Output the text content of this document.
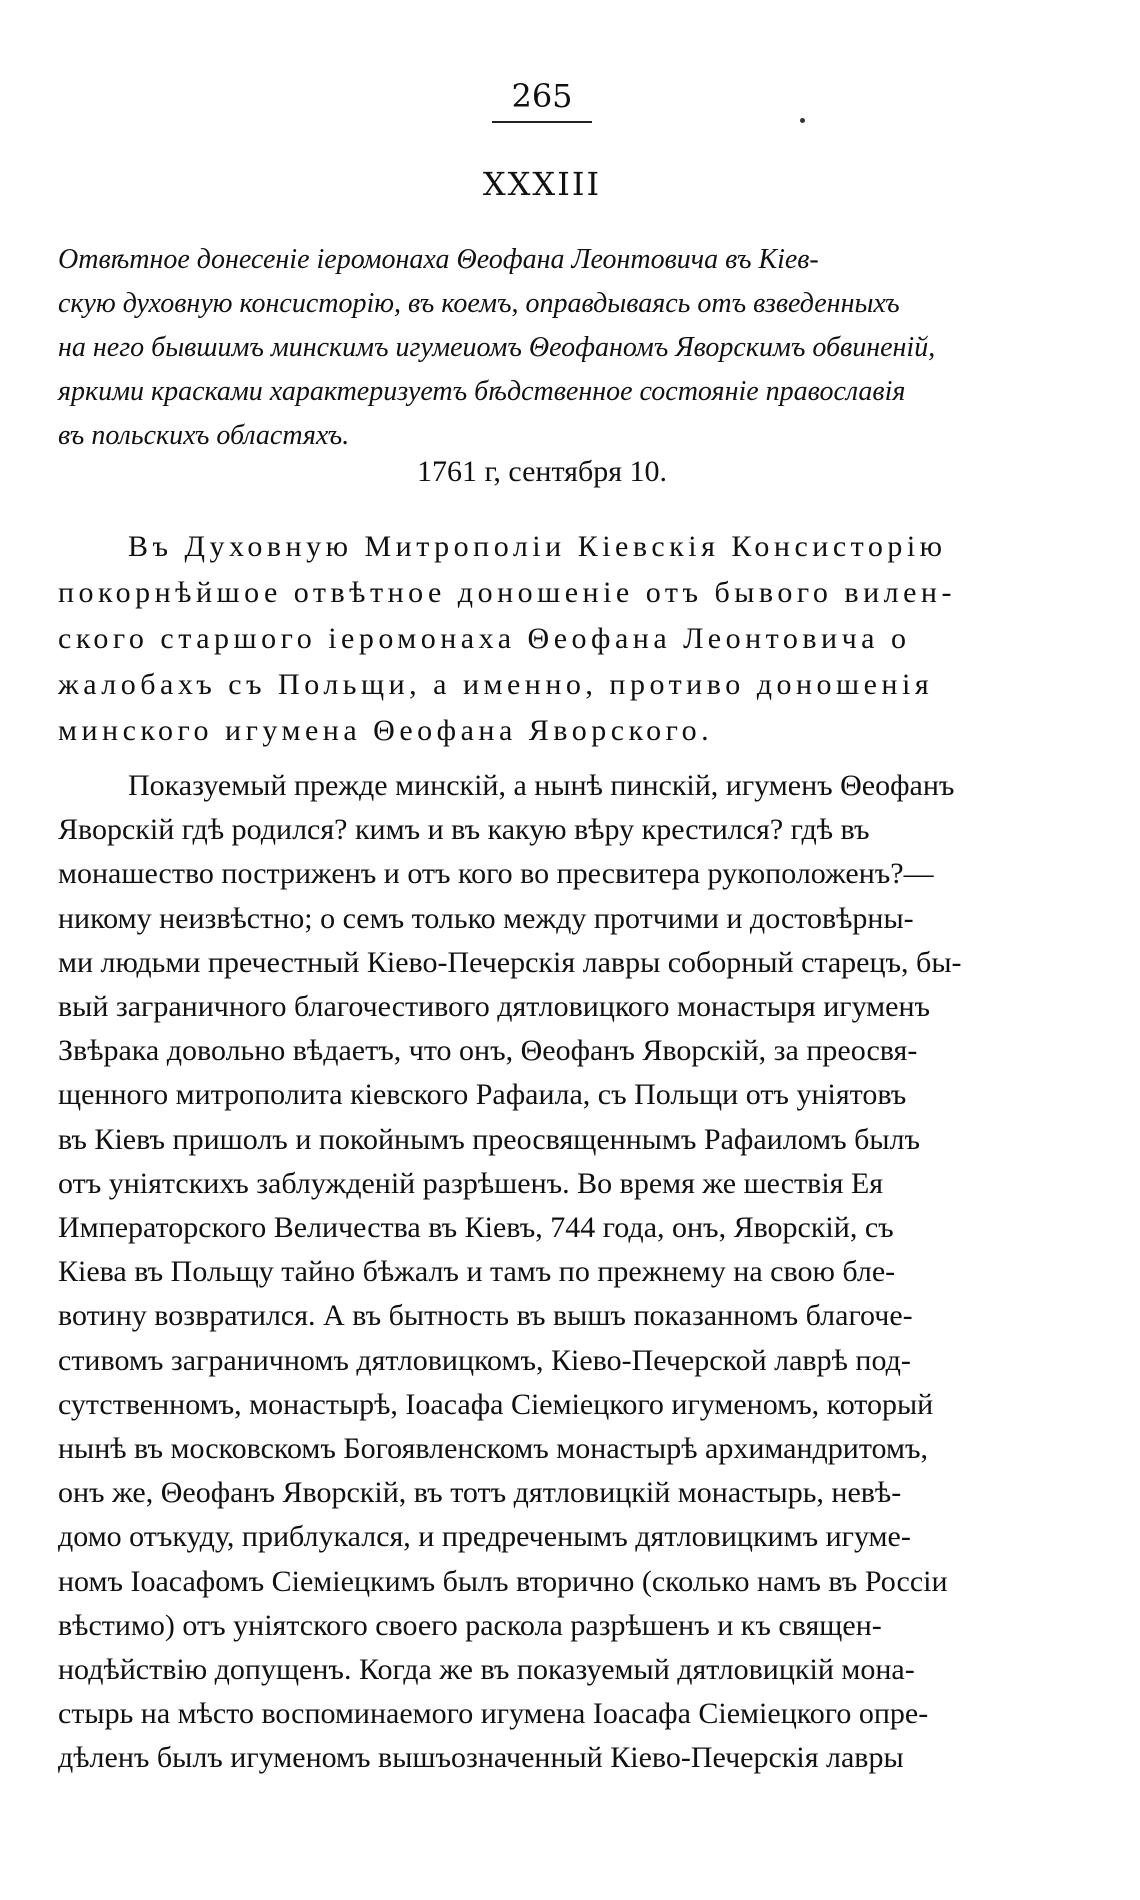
265
XXXIII

Отвѣтное донесеніе іеромонаха Θеофана Леонтовича въ Кіев-
скую духовную консисторію, въ коемъ, оправдываясь отъ взведенныхъ
на него бывшимъ минскимъ игумеиомъ Θеофаномъ Яворскимъ обвиненій,
яркими красками характеризуетъ бѣдственное состояніе православія
въ польскихъ областяхъ.

1761 г, сентября 10.

Въ Духовную Митрополіи Кіевскія Консисторію
покорнѣйшое отвѣтное доношеніе отъ бывого вилен-
ского старшого іеромонаха Θеофана Леонтовича о
жалобахъ съ Польщи, а именно, противо доношенія
минского игумена Θеофана Яворского.

Показуемый прежде минскій, а нынѣ пинскій, игуменъ Θеофанъ
Яворскій гдѣ родился? кимъ и въ какую вѣру крестился? гдѣ въ
монашество постриженъ и отъ кого во пресвитера рукоположенъ?—
никому неизвѣстно; о семъ только между протчими и достовѣрны-
ми людьми пречестный Кіево-Печерскія лавры соборный старецъ, бы-
вый заграничного благочестивого дятловицкого монастыря игуменъ
Звѣрака довольно вѣдаетъ, что онъ, Θеофанъ Яворскій, за преосвя-
щенного митрополита кіевского Рафаила, съ Польщи отъ уніятовъ
въ Кіевъ пришолъ и покойнымъ преосвященнымъ Рафаиломъ былъ
отъ уніятскихъ заблужденій разрѣшенъ. Во время же шествія Ея
Императорского Величества въ Кіевъ, 744 года, онъ, Яворскій, съ
Кіева въ Польщу тайно бѣжалъ и тамъ по прежнему на свою бле-
вотину возвратился. А въ бытность въ вышъ показанномъ благоче-
стивомъ заграничномъ дятловицкомъ, Кіево-Печерской лаврѣ под-
сутственномъ, монастырѣ, Іоасафа Сіеміецкого игуменомъ, который
нынѣ въ московскомъ Богоявленскомъ монастырѣ архимандритомъ,
онъ же, Θеофанъ Яворскій, въ тотъ дятловицкій монастырь, невѣ-
домо отъкуду, приблукался, и предреченымъ дятловицкимъ игуме-
номъ Іоасафомъ Сіеміецкимъ былъ вторично (сколько намъ въ Россіи
вѣстимо) отъ уніятского своего раскола разрѣшенъ и къ священ-
нодѣйствію допущенъ. Когда же въ показуемый дятловицкій мона-
стырь на мѣсто воспоминаемого игумена Іоасафа Сіеміецкого опре-
дѣленъ былъ игуменомъ вышъозначенный Кіево-Печерскія лавры
